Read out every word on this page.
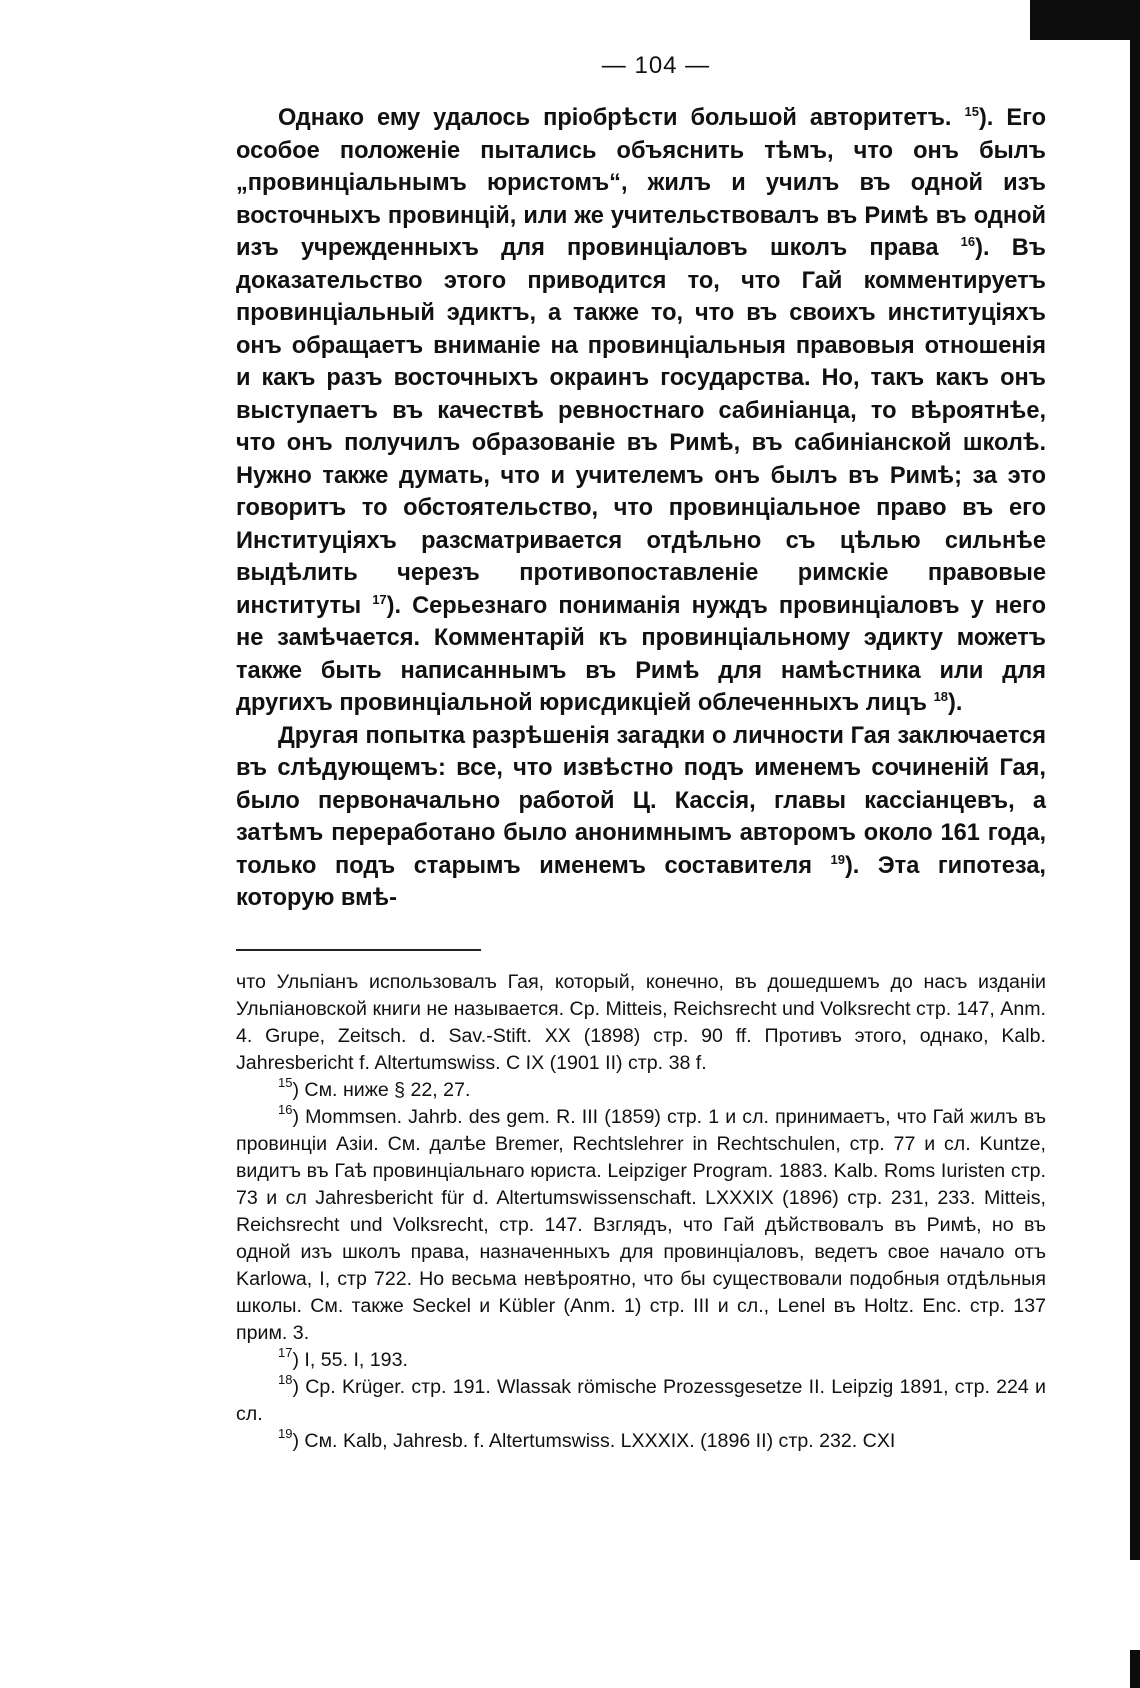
— 104 —

Однако ему удалось пріобрѣсти большой авторитетъ. $^{15}$). Его особое положеніе пытались объяснить тѣмъ, что онъ былъ „провинціальнымъ юристомъ“, жилъ и училъ въ одной изъ восточныхъ провинцій, или же учительствовалъ въ Римѣ въ одной изъ учрежденныхъ для провинціаловъ школъ права $^{16}$). Въ доказательство этого приводится то, что Гай комментируетъ провинціальный эдиктъ, а также то, что въ своихъ институціяхъ онъ обращаетъ вниманіе на провинціальныя правовыя отношенія и какъ разъ восточныхъ окраинъ государства. Но, такъ какъ онъ выступаетъ въ качествѣ ревностнаго сабиніанца, то вѣроятнѣе, что онъ получилъ образованіе въ Римѣ, въ сабиніанской школѣ. Нужно также думать, что и учителемъ онъ былъ въ Римѣ; за это говоритъ то обстоятельство, что провинціальное право въ его Институціяхъ разсматривается отдѣльно съ цѣлью сильнѣе выдѣлить черезъ противопоставленіе римскіе правовые институты $^{17}$). Серьезнаго пониманія нуждъ провинціаловъ у него не замѣчается. Комментарій къ провинціальному эдикту можетъ также быть написаннымъ въ Римѣ для намѣстника или для другихъ провинціальной юрисдикціей облеченныхъ лицъ $^{18}$).

Другая попытка разрѣшенія загадки о личности Гая заключается въ слѣдующемъ: все, что извѣстно подъ именемъ сочиненій Гая, было первоначально работой Ц. Кассія, главы кассіанцевъ, а затѣмъ переработано было анонимнымъ авторомъ около 161 года, только подъ старымъ именемъ составителя $^{19}$). Эта гипотеза, которую вмѣ-

что Ульпіанъ использовалъ Гая, который, конечно, въ дошедшемъ до насъ изданіи Ульпіановской книги не называется. Ср. Mitteis, Reichsrecht und Volksrecht стр. 147, Anm. 4. Grupe, Zeitsch. d. Sav.-Stift. XX (1898) стр. 90 ff. Противъ этого, однако, Kalb. Jahresbericht f. Altertumswiss. C IX (1901 II) стр. 38 f.

$^{15}$) См. ниже § 22, 27.

$^{16}$) Mommsen. Jahrb. des gem. R. III (1859) стр. 1 и сл. принимаетъ, что Гай жилъ въ провинціи Азіи. См. далѣе Bremer, Rechtslehrer in Rechtschulen, стр. 77 и сл. Kuntze, видитъ въ Гаѣ провинціальнаго юриста. Leipziger Program. 1883. Kalb. Roms Iuristen стр. 73 и сл Jahresbericht für d. Altertumswissenschaft. LXXXIX (1896) стр. 231, 233. Mitteis, Reichsrecht und Volksrecht, стр. 147. Взглядъ, что Гай дѣйствовалъ въ Римѣ, но въ одной изъ школъ права, назначенныхъ для провинціаловъ, ведетъ свое начало отъ Karlowa, I, стр 722. Но весьма невѣроятно, что бы существовали подобныя отдѣльныя школы. См. также Seckel и Kübler (Anm. 1) стр. III и сл., Lenel въ Holtz. Enc. стр. 137 прим. 3.

$^{17}$) I, 55. I, 193.

$^{18}$) Ср. Krüger. стр. 191. Wlassak römische Prozessgesetze II. Leipzig 1891, стр. 224 и сл.

$^{19}$) См. Kalb, Jahresb. f. Altertumswiss. LXXXIX. (1896 II) стр. 232. CXI
